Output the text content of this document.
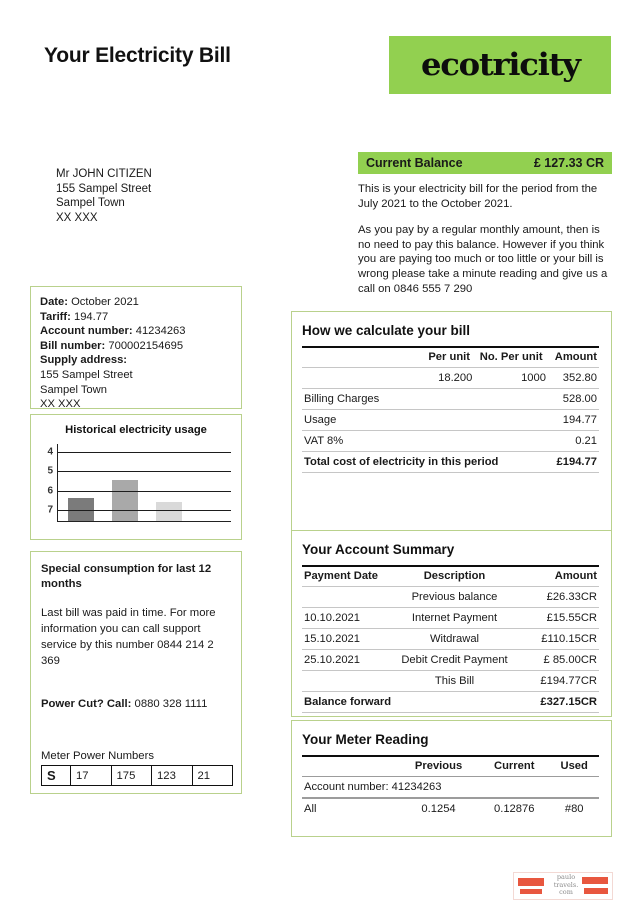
Your Electricity Bill	ecotricity
Mr JOHN CITIZEN
155 Sampel Street
Sampel Town
XX XXX
Current Balance	£ 127.33 CR
This is your electricity bill for the period from the July 2021 to the October 2021.
As you pay by a regular monthly amount, then is no need to pay this balance. However if you think you are paying too much or too little or your bill is wrong please take a minute reading and give us a call on 0846 555 7 290
Date: October 2021
Tariff: 194.77
Account number: 41234263
Bill number: 700002154695
Supply address:
155 Sampel Street
Sampel Town
XX XXX
Historical electricity usage
4
5
6
7
Special consumption for last 12 months
Last bill was paid in time. For more information you can call support service by this number 0844 214 2 369
Power Cut? Call: 0880 328 1111
Meter Power Numbers
S	17	175	123	21
How we calculate your bill
	Per unit	No. Per unit	Amount
	18.200	1000	352.80
Billing Charges			528.00
Usage			194.77
VAT 8%			0.21
Total cost of electricity in this period			£194.77
Your Account Summary
Payment Date	Description	Amount
	Previous balance	£26.33CR
10.10.2021	Internet Payment	£15.55CR
15.10.2021	Witdrawal	£110.15CR
25.10.2021	Debit Credit Payment	£ 85.00CR
	This Bill	£194.77CR
Balance forward		£327.15CR
Your Meter Reading
	Previous	Current	Used
Account number: 41234263			
All	0.1254	0.12876	#80
paulo
travels.
com
